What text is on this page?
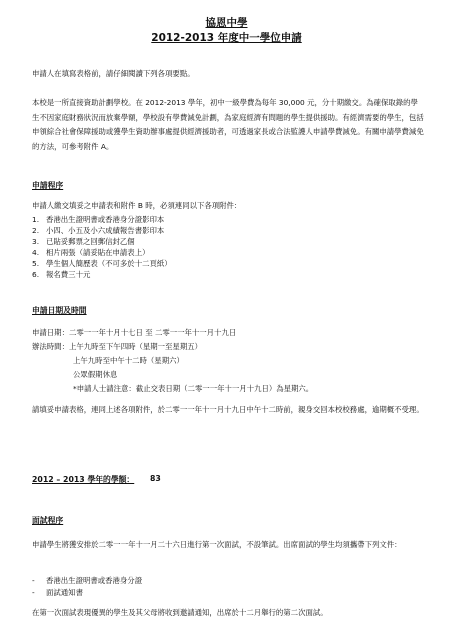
協恩中學
2012-2013 年度中一學位申請
申請人在填寫表格前，請仔細閱讀下列各項要點。
本校是一所直接資助計劃學校。在 2012-2013 學年，初中一級學費為每年 30,000 元，分十期繳交。為確保取錄的學生不因家庭財務狀況而放棄學額，學校設有學費減免計劃，為家庭經濟有問題的學生提供援助。有經濟需要的學生，包括申領綜合社會保障援助或獲學生資助辦事處提供經濟援助者，可透過家長或合法監護人申請學費減免。有關申請學費減免的方法，可參考附件 A。
申請程序
申請人繳交填妥之申請表和附件 B 時，必須連同以下各項附件：
1. 香港出生證明書或香港身分證影印本
2. 小四、小五及小六成績報告書影印本
3. 已貼妥郵票之回郵信封乙個
4. 相片兩張（請妥貼在申請表上）
5. 學生個人簡歷表（不可多於十二頁紙）
6. 報名費三十元
申請日期及時間
申請日期：二零一一年十月十七日 至 二零一一年十一月十九日
辦法時間：上午九時至下午四時（星期一至星期五）
上午九時至中午十二時（星期六）
公眾假期休息
*申請人士請注意：截止交表日期（二零一一年十一月十九日）為星期六。
請填妥申請表格，連同上述各項附件，於二零一一年十一月十九日中午十二時前，親身交回本校校務處，逾期概不受理。
2012 – 2013 學年的學額： 83
面試程序
申請學生將獲安排於二零一一年十一月二十六日進行第一次面試，不設筆試。出席面試的學生均須攜帶下列文件：
- 香港出生證明書或香港身分證
- 面試通知書
在第一次面試表現優異的學生及其父母將收到邀請通知，出席於十二月舉行的第二次面試。
